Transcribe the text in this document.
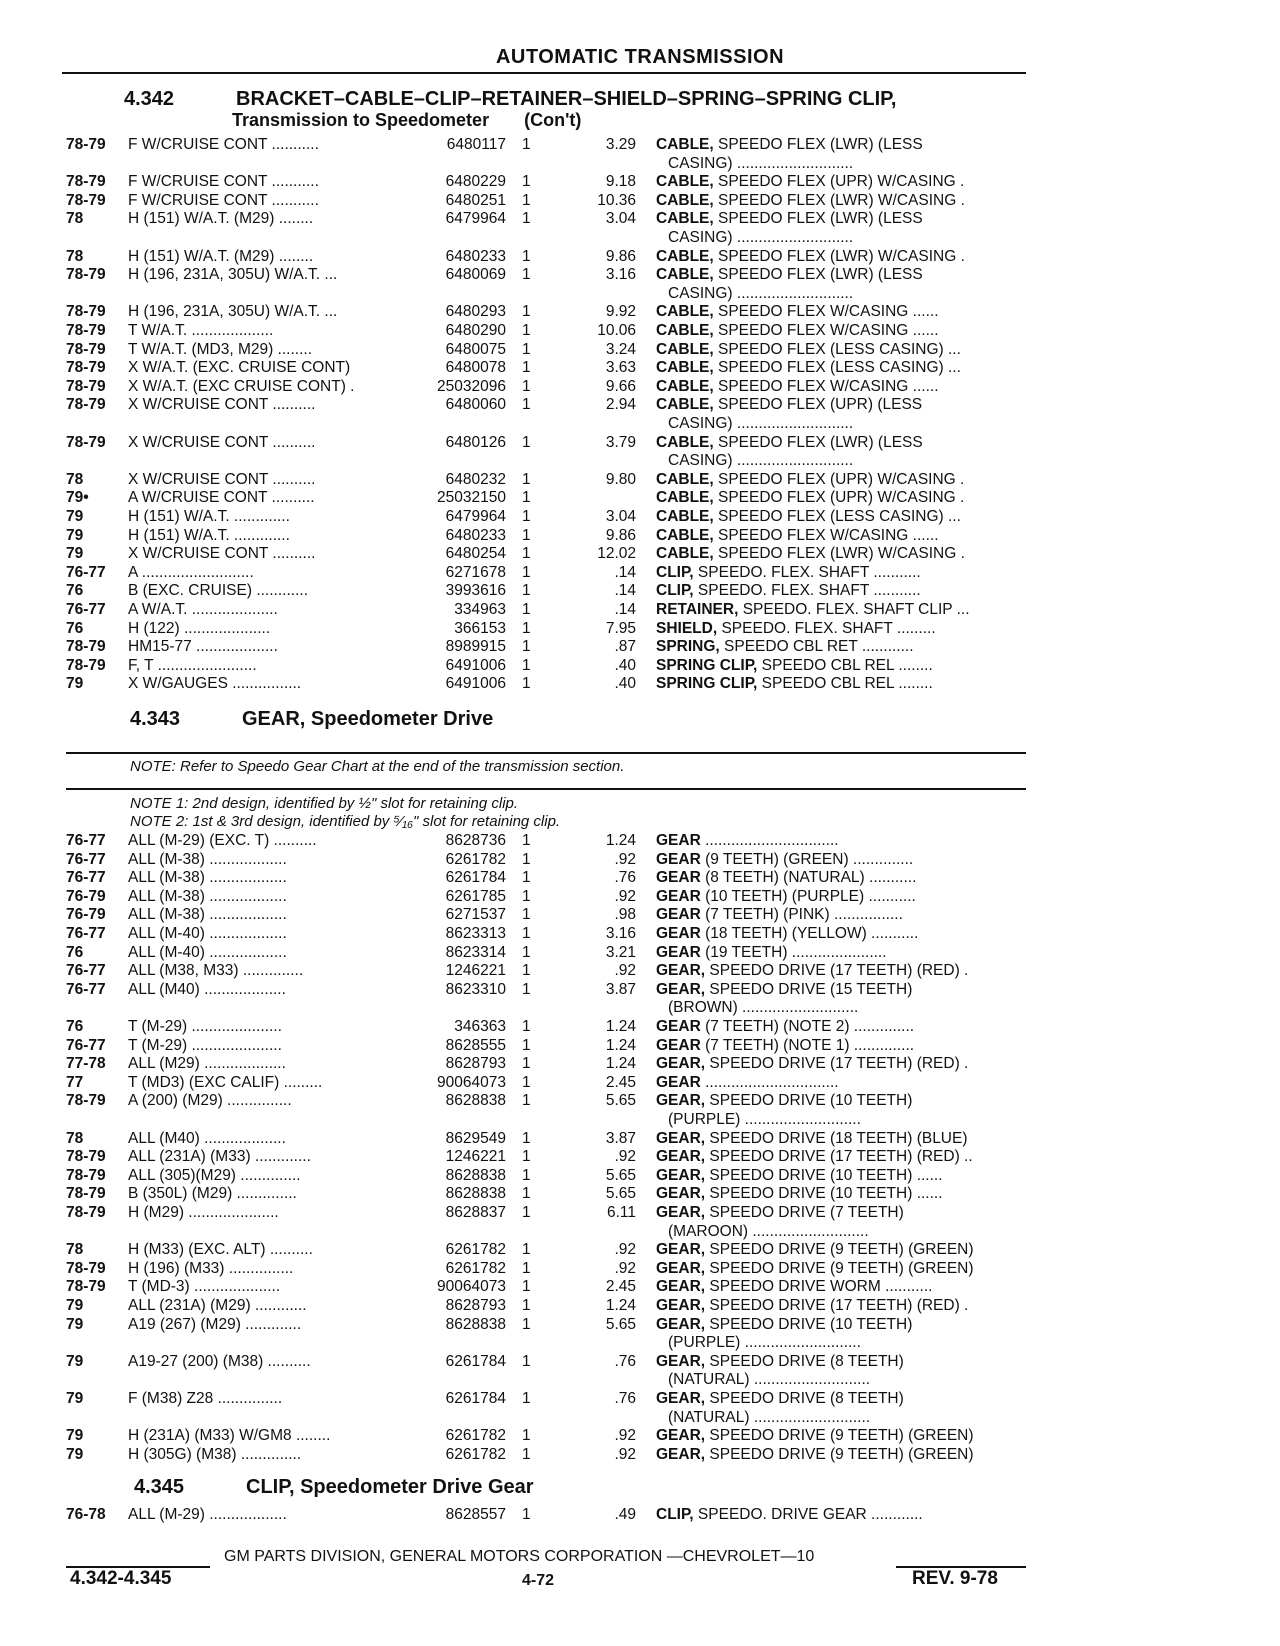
AUTOMATIC TRANSMISSION
4.342	BRACKET–CABLE–CLIP–RETAINER–SHIELD–SPRING–SPRING CLIP,
Transmission to Speedometer (Con't)
78-79 F W/CRUISE CONT ...........	6480117 1	3.29 CABLE, SPEEDO FLEX (LWR) (LESS
CASING) ...........................
78-79 F W/CRUISE CONT ...........	6480229 1	9.18 CABLE, SPEEDO FLEX (UPR) W/CASING .
78-79 F W/CRUISE CONT ...........	6480251 1	10.36 CABLE, SPEEDO FLEX (LWR) W/CASING .
78	H (151) W/A.T. (M29) ........	6479964 1	3.04 CABLE, SPEEDO FLEX (LWR) (LESS
CASING) ...........................
78	H (151) W/A.T. (M29) ........	6480233 1	9.86 CABLE, SPEEDO FLEX (LWR) W/CASING .
78-79 H (196, 231A, 305U) W/A.T. ...	6480069 1	3.16 CABLE, SPEEDO FLEX (LWR) (LESS
CASING) ...........................
78-79 H (196, 231A, 305U) W/A.T. ...	6480293 1	9.92 CABLE, SPEEDO FLEX W/CASING ......
78-79 T W/A.T. ...................	6480290 1	10.06 CABLE, SPEEDO FLEX W/CASING ......
78-79 T W/A.T. (MD3, M29) ........	6480075 1	3.24 CABLE, SPEEDO FLEX (LESS CASING) ...
78-79 X W/A.T. (EXC. CRUISE CONT)	6480078 1	3.63 CABLE, SPEEDO FLEX (LESS CASING) ...
78-79 X W/A.T. (EXC CRUISE CONT) .	25032096 1	9.66 CABLE, SPEEDO FLEX W/CASING ......
78-79 X W/CRUISE CONT ..........	6480060 1	2.94 CABLE, SPEEDO FLEX (UPR) (LESS
CASING) ...........................
78-79 X W/CRUISE CONT ..........	6480126 1	3.79 CABLE, SPEEDO FLEX (LWR) (LESS
CASING) ...........................
78	X W/CRUISE CONT ..........	6480232 1	9.80 CABLE, SPEEDO FLEX (UPR) W/CASING .
79•	A W/CRUISE CONT ..........	25032150 1	CABLE, SPEEDO FLEX (UPR) W/CASING .
79	H (151) W/A.T. .............	6479964 1	3.04 CABLE, SPEEDO FLEX (LESS CASING) ...
79	H (151) W/A.T. .............	6480233 1	9.86 CABLE, SPEEDO FLEX W/CASING ......
79	X W/CRUISE CONT ..........	6480254 1	12.02 CABLE, SPEEDO FLEX (LWR) W/CASING .
76-77 A ..........................	6271678 1	.14 CLIP, SPEEDO. FLEX. SHAFT ...........
76	B (EXC. CRUISE) ............	3993616 1	.14 CLIP, SPEEDO. FLEX. SHAFT ...........
76-77 A W/A.T. ....................	334963 1	.14 RETAINER, SPEEDO. FLEX. SHAFT CLIP ...
76	H (122) ....................	366153 1	7.95 SHIELD, SPEEDO. FLEX. SHAFT .........
78-79 HM15-77 ...................	8989915 1	.87 SPRING, SPEEDO CBL RET ............
78-79 F, T .......................	6491006 1	.40 SPRING CLIP, SPEEDO CBL REL ........
79	X W/GAUGES ................	6491006 1	.40 SPRING CLIP, SPEEDO CBL REL ........
4.343	GEAR, Speedometer Drive
NOTE: Refer to Speedo Gear Chart at the end of the transmission section.
NOTE 1: 2nd design, identified by ½" slot for retaining clip.
NOTE 2: 1st & 3rd design, identified by ⁵⁄₁₆" slot for retaining clip.
76-77 ALL (M-29) (EXC. T) ..........	8628736 1	1.24 GEAR ...............................
76-77 ALL (M-38) ..................	6261782 1	.92 GEAR (9 TEETH) (GREEN) ..............
76-77 ALL (M-38) ..................	6261784 1	.76 GEAR (8 TEETH) (NATURAL) ...........
76-79 ALL (M-38) ..................	6261785 1	.92 GEAR (10 TEETH) (PURPLE) ...........
76-79 ALL (M-38) ..................	6271537 1	.98 GEAR (7 TEETH) (PINK) ................
76-77 ALL (M-40) ..................	8623313 1	3.16 GEAR (18 TEETH) (YELLOW) ...........
76	ALL (M-40) ..................	8623314 1	3.21 GEAR (19 TEETH) ......................
76-77 ALL (M38, M33) ..............	1246221 1	.92 GEAR, SPEEDO DRIVE (17 TEETH) (RED) .
76-77 ALL (M40) ...................	8623310 1	3.87 GEAR, SPEEDO DRIVE (15 TEETH)
(BROWN) ...........................
76	T (M-29) .....................	346363 1	1.24 GEAR (7 TEETH) (NOTE 2) ..............
76-77 T (M-29) .....................	8628555 1	1.24 GEAR (7 TEETH) (NOTE 1) ..............
77-78 ALL (M29) ...................	8628793 1	1.24 GEAR, SPEEDO DRIVE (17 TEETH) (RED) .
77	T (MD3) (EXC CALIF) .........	90064073 1	2.45 GEAR ...............................
78-79 A (200) (M29) ...............	8628838 1	5.65 GEAR, SPEEDO DRIVE (10 TEETH)
(PURPLE) ...........................
78	ALL (M40) ...................	8629549 1	3.87 GEAR, SPEEDO DRIVE (18 TEETH) (BLUE)
78-79 ALL (231A) (M33) .............	1246221 1	.92 GEAR, SPEEDO DRIVE (17 TEETH) (RED) ..
78-79 ALL (305)(M29) ..............	8628838 1	5.65 GEAR, SPEEDO DRIVE (10 TEETH) ......
78-79 B (350L) (M29) ..............	8628838 1	5.65 GEAR, SPEEDO DRIVE (10 TEETH) ......
78-79 H (M29) .....................	8628837 1	6.11 GEAR, SPEEDO DRIVE (7 TEETH)
(MAROON) ...........................
78	H (M33) (EXC. ALT) ..........	6261782 1	.92 GEAR, SPEEDO DRIVE (9 TEETH) (GREEN)
78-79 H (196) (M33) ...............	6261782 1	.92 GEAR, SPEEDO DRIVE (9 TEETH) (GREEN)
78-79 T (MD-3) ....................	90064073 1	2.45 GEAR, SPEEDO DRIVE WORM ...........
79	ALL (231A) (M29) ............	8628793 1	1.24 GEAR, SPEEDO DRIVE (17 TEETH) (RED) .
79	A19 (267) (M29) .............	8628838 1	5.65 GEAR, SPEEDO DRIVE (10 TEETH)
(PURPLE) ...........................
79	A19-27 (200) (M38) ..........	6261784 1	.76 GEAR, SPEEDO DRIVE (8 TEETH)
(NATURAL) ...........................
79	F (M38) Z28 ...............	6261784 1	.76 GEAR, SPEEDO DRIVE (8 TEETH)
(NATURAL) ...........................
79	H (231A) (M33) W/GM8 ........	6261782 1	.92 GEAR, SPEEDO DRIVE (9 TEETH) (GREEN)
79	H (305G) (M38) ..............	6261782 1	.92 GEAR, SPEEDO DRIVE (9 TEETH) (GREEN)
4.345	CLIP, Speedometer Drive Gear
76-78 ALL (M-29) ..................	8628557 1	.49 CLIP, SPEEDO. DRIVE GEAR ............
GM PARTS DIVISION, GENERAL MOTORS CORPORATION —CHEVROLET—10
4.342-4.345	4-72	REV. 9-78
